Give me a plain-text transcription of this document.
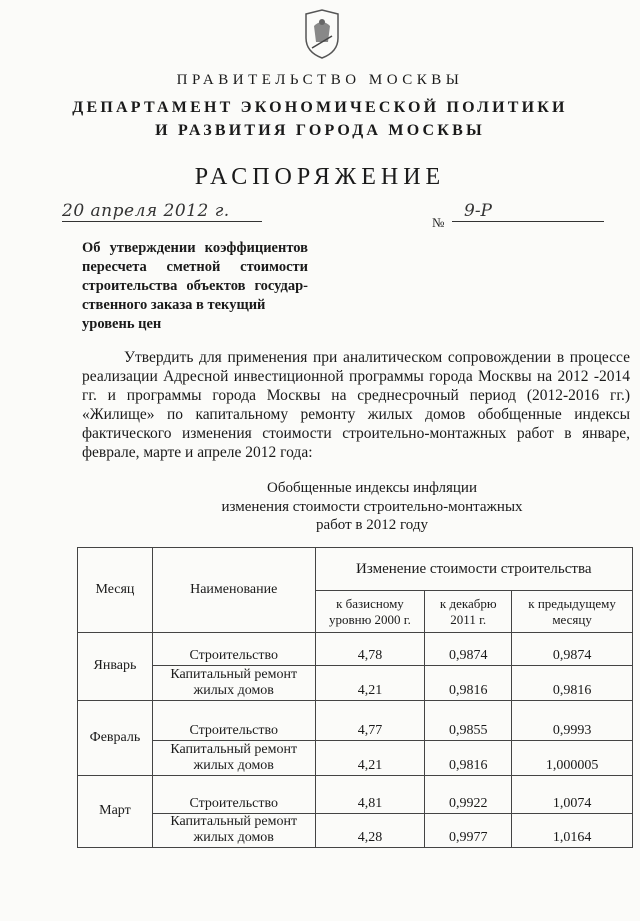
ПРАВИТЕЛЬСТВО МОСКВЫ
ДЕПАРТАМЕНТ ЭКОНОМИЧЕСКОЙ ПОЛИТИКИ
И РАЗВИТИЯ ГОРОДА МОСКВЫ
РАСПОРЯЖЕНИЕ
20 апреля 2012 г.
№
9-Р
Об утверждении коэффициентов
пересчета сметной стоимости
строительства объектов государ-
ственного заказа в текущий
уровень цен
Утвердить для применения при аналитическом сопровождении в процессе
реализации Адресной инвестиционной программы города Москвы на 2012 -2014
гг. и программы города Москвы на среднесрочный период (2012-2016 гг.)
«Жилище» по капитальному ремонту жилых домов обобщенные индексы
фактического изменения стоимости строительно-монтажных работ в январе,
феврале, марте и апреле 2012 года:
Обобщенные индексы инфляции
изменения стоимости строительно-монтажных
работ в 2012 году
Месяц	Наименование	Изменение стоимости строительства		
		к базисному уровню 2000 г.	к декабрю 2011 г.	к предыдущему месяцу
Январь	Строительство	4,78	0,9874	0,9874
	Капитальный ремонт жилых домов	4,21	0,9816	0,9816
Февраль	Строительство	4,77	0,9855	0,9993
	Капитальный ремонт жилых домов	4,21	0,9816	1,000005
Март	Строительство	4,81	0,9922	1,0074
	Капитальный ремонт жилых домов	4,28	0,9977	1,0164
